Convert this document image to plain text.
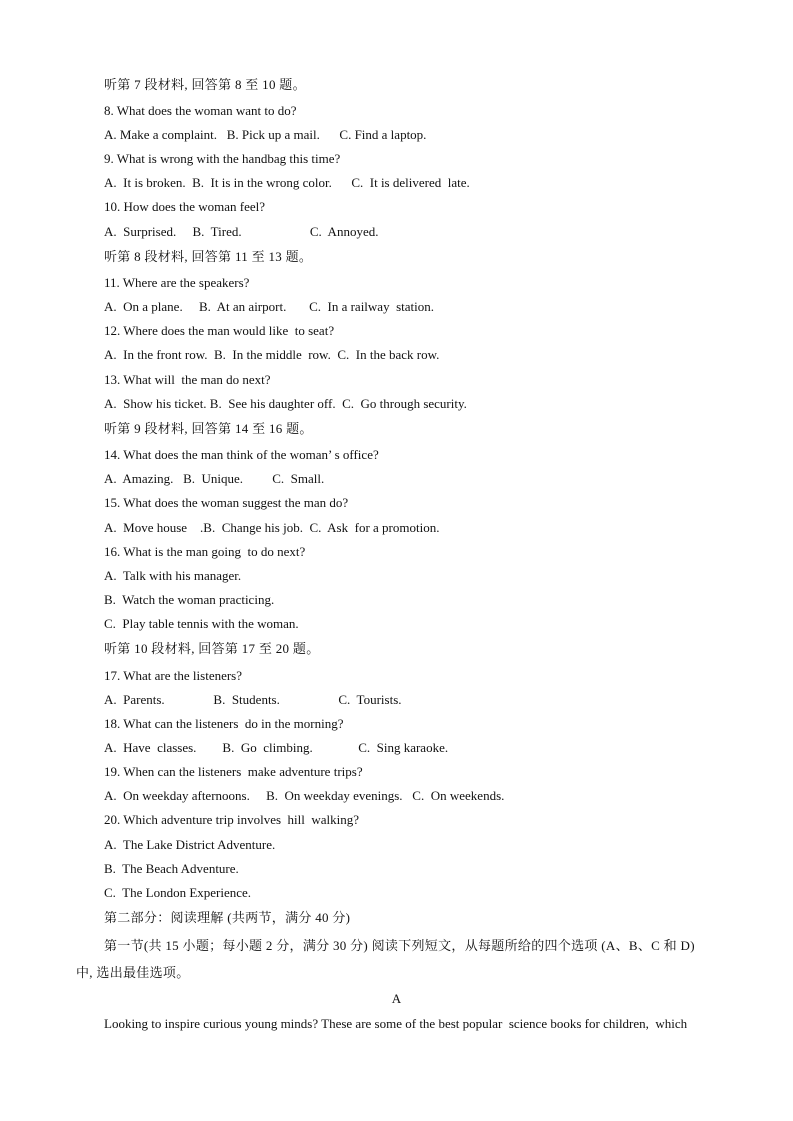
听第 7 段材料, 回答第 8 至 10 题。
8. What does the woman want to do?
A. Make a complaint.   B. Pick up a mail.      C. Find a laptop.
9. What is wrong with the handbag this time?
A.  It is broken.  B.  It is in the wrong color.      C.  It is delivered  late.
10. How does the woman feel?
A.  Surprised.     B.  Tired.                     C.  Annoyed.
听第 8 段材料, 回答第 11 至 13 题。
11. Where are the speakers?
A.  On a plane.     B.  At an airport.       C.  In a railway  station.
12. Where does the man would like  to seat?
A.  In the front row.  B.  In the middle  row.  C.  In the back row.
13. What will  the man do next?
A.  Show his ticket. B.  See his daughter off.  C.  Go through security.
听第 9 段材料, 回答第 14 至 16 题。
14. What does the man think of the woman’ s office?
A.  Amazing.   B.  Unique.         C.  Small.
15. What does the woman suggest the man do?
A.  Move house    .B.  Change his job.  C.  Ask  for a promotion.
16. What is the man going  to do next?
A.  Talk with his manager.
B.  Watch the woman practicing.
C.  Play table tennis with the woman.
听第 10 段材料, 回答第 17 至 20 题。
17. What are the listeners?
A.  Parents.               B.  Students.                  C.  Tourists.
18. What can the listeners  do in the morning?
A.  Have  classes.        B.  Go  climbing.              C.  Sing karaoke.
19. When can the listeners  make adventure trips?
A.  On weekday afternoons.     B.  On weekday evenings.   C.  On weekends.
20. Which adventure trip involves  hill  walking?
A.  The Lake District Adventure.
B.  The Beach Adventure.
C.  The London Experience.
第二部分：阅读理解 (共两节，满分 40 分)
第一节(共 15 小题；每小题 2 分，满分 30 分) 阅读下列短文，从每题所给的四个选项 (A、B、C 和 D)
中, 选出最佳选项。
A
Looking to inspire curious young minds? These are some of the best popular  science books for children,  which
